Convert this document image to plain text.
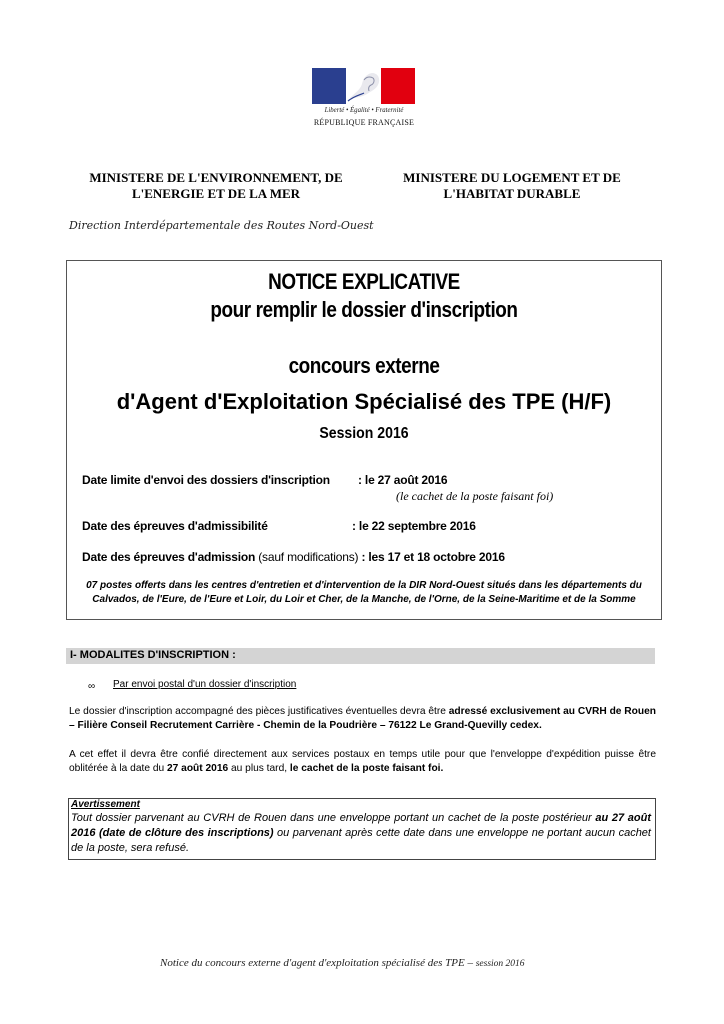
Liberté • Égalité • Fraternité
RÉPUBLIQUE FRANÇAISE
MINISTERE DE L'ENVIRONNEMENT, DE L'ENERGIE ET DE LA MER
MINISTERE DU LOGEMENT ET DE L'HABITAT DURABLE
Direction Interdépartementale des Routes Nord-Ouest
NOTICE EXPLICATIVE
pour remplir le dossier d'inscription
concours externe
d'Agent d'Exploitation Spécialisé des TPE (H/F)
Session 2016
Date limite d'envoi des dossiers d'inscription : le 27 août 2016
(le cachet de la poste faisant foi)
Date des épreuves d'admissibilité	: le 22 septembre 2016
Date des épreuves d'admission (sauf modifications) : les 17 et 18 octobre 2016
07 postes offerts dans les centres d'entretien et d'intervention de la DIR Nord-Ouest situés dans les départements du Calvados, de l'Eure, de l'Eure et Loir, du Loir et Cher, de la Manche, de l'Orne, de la Seine-Maritime et de la Somme
I- MODALITES D'INSCRIPTION :
∞ Par envoi postal d'un dossier d'inscription
Le dossier d'inscription accompagné des pièces justificatives éventuelles devra être adressé exclusivement au CVRH de Rouen – Filière Conseil Recrutement Carrière - Chemin de la Poudrière – 76122 Le Grand-Quevilly cedex.
A cet effet il devra être confié directement aux services postaux en temps utile pour que l'enveloppe d'expédition puisse être oblitérée à la date du 27 août 2016 au plus tard, le cachet de la poste faisant foi.
Avertissement
Tout dossier parvenant au CVRH de Rouen dans une enveloppe portant un cachet de la poste postérieur au 27 août 2016 (date de clôture des inscriptions) ou parvenant après cette date dans une enveloppe ne portant aucun cachet de la poste, sera refusé.
Notice du concours externe d'agent d'exploitation spécialisé des TPE – session 2016
